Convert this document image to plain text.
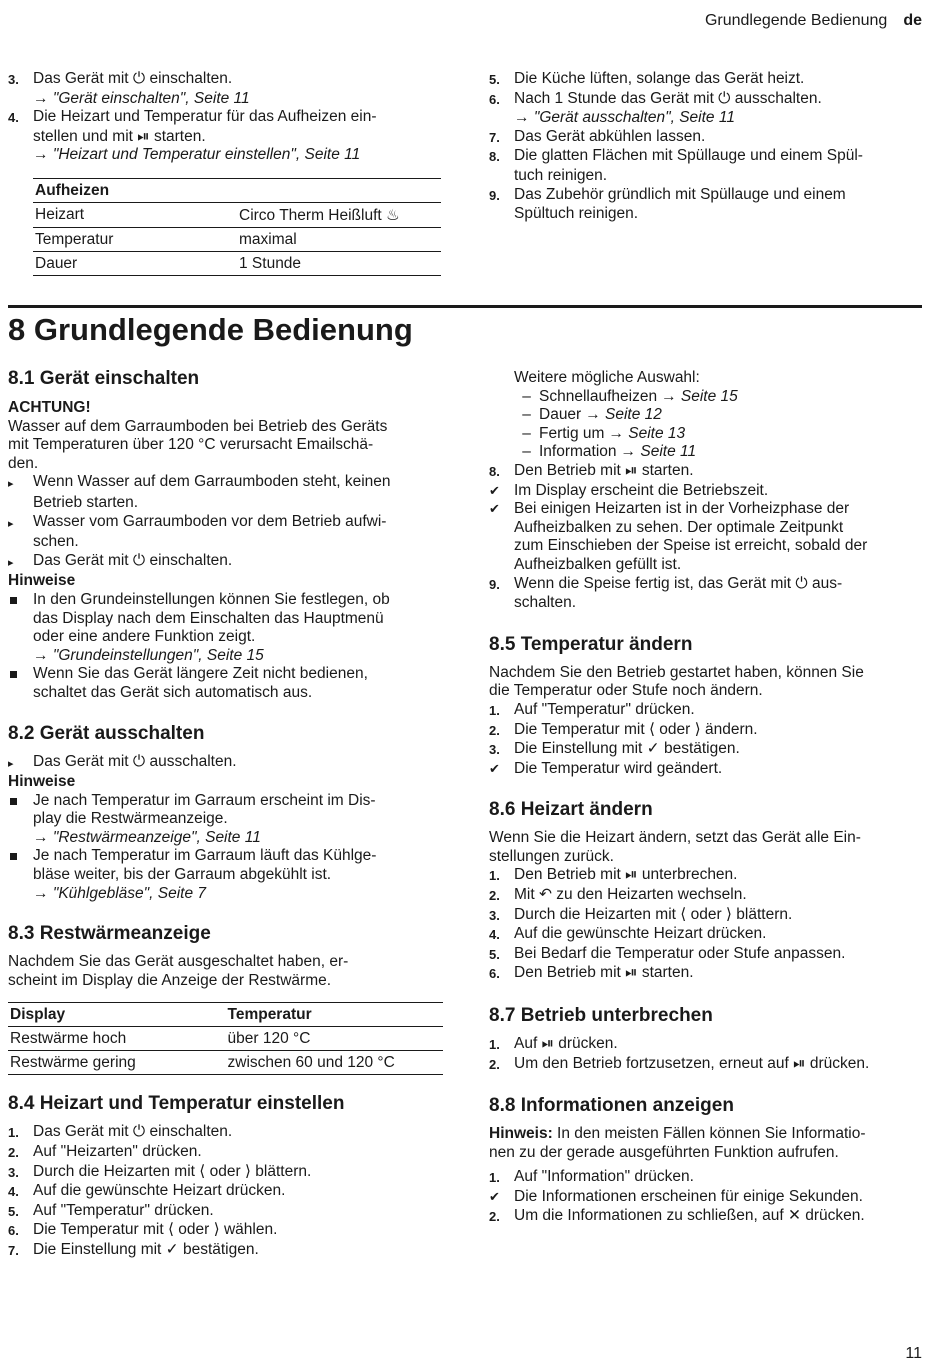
Grundlegende Bedienung de
3. Das Gerät mit ⏻ einschalten.
→ "Gerät einschalten", Seite 11
4. Die Heizart und Temperatur für das Aufheizen ein-
stellen und mit ⏯ starten.
→ "Heizart und Temperatur einstellen", Seite 11
Aufheizen	
Heizart	Circo Therm Heißluft ♨
Temperatur	maximal
Dauer	1 Stunde
5. Die Küche lüften, solange das Gerät heizt.
6. Nach 1 Stunde das Gerät mit ⏻ ausschalten.
→ "Gerät ausschalten", Seite 11
7. Das Gerät abkühlen lassen.
8. Die glatten Flächen mit Spüllauge und einem Spül-
tuch reinigen.
9. Das Zubehör gründlich mit Spüllauge und einem
Spültuch reinigen.
8 Grundlegende Bedienung
8.1 Gerät einschalten
ACHTUNG!
Wasser auf dem Garraumboden bei Betrieb des Geräts
mit Temperaturen über 120 °C verursacht Emailschä-
den.
▸	Wenn Wasser auf dem Garraumboden steht, keinen
Betrieb starten.
▸	Wasser vom Garraumboden vor dem Betrieb aufwi-
schen.
▸	Das Gerät mit ⏻ einschalten.
Hinweise
In den Grundeinstellungen können Sie festlegen, ob
das Display nach dem Einschalten das Hauptmenü
oder eine andere Funktion zeigt.
→ "Grundeinstellungen", Seite 15
Wenn Sie das Gerät längere Zeit nicht bedienen,
schaltet das Gerät sich automatisch aus.
8.2 Gerät ausschalten
▸	Das Gerät mit ⏻ ausschalten.
Hinweise
Je nach Temperatur im Garraum erscheint im Dis-
play die Restwärmeanzeige.
→ "Restwärmeanzeige", Seite 11
Je nach Temperatur im Garraum läuft das Kühlge-
bläse weiter, bis der Garraum abgekühlt ist.
→ "Kühlgebläse", Seite 7
8.3 Restwärmeanzeige
Nachdem Sie das Gerät ausgeschaltet haben, er-
scheint im Display die Anzeige der Restwärme.
Display	Temperatur
Restwärme hoch	über 120 °C
Restwärme gering	zwischen 60 und 120 °C
8.4 Heizart und Temperatur einstellen
1. Das Gerät mit ⏻ einschalten.
2. Auf "Heizarten" drücken.
3. Durch die Heizarten mit ⟨ oder ⟩ blättern.
4. Auf die gewünschte Heizart drücken.
5. Auf "Temperatur" drücken.
6. Die Temperatur mit ⟨ oder ⟩ wählen.
7. Die Einstellung mit ✓ bestätigen.
Weitere mögliche Auswahl:
– Schnellaufheizen → Seite 15
– Dauer → Seite 12
– Fertig um → Seite 13
– Information → Seite 11
8. Den Betrieb mit ⏯ starten.
✔ Im Display erscheint die Betriebszeit.
✔ Bei einigen Heizarten ist in der Vorheizphase der
Aufheizbalken zu sehen. Der optimale Zeitpunkt
zum Einschieben der Speise ist erreicht, sobald der
Aufheizbalken gefüllt ist.
9. Wenn die Speise fertig ist, das Gerät mit ⏻ aus-
schalten.
8.5 Temperatur ändern
Nachdem Sie den Betrieb gestartet haben, können Sie
die Temperatur oder Stufe noch ändern.
1. Auf "Temperatur" drücken.
2. Die Temperatur mit ⟨ oder ⟩ ändern.
3. Die Einstellung mit ✓ bestätigen.
✔ Die Temperatur wird geändert.
8.6 Heizart ändern
Wenn Sie die Heizart ändern, setzt das Gerät alle Ein-
stellungen zurück.
1. Den Betrieb mit ⏯ unterbrechen.
2. Mit ↶ zu den Heizarten wechseln.
3. Durch die Heizarten mit ⟨ oder ⟩ blättern.
4. Auf die gewünschte Heizart drücken.
5. Bei Bedarf die Temperatur oder Stufe anpassen.
6. Den Betrieb mit ⏯ starten.
8.7 Betrieb unterbrechen
1. Auf ⏯ drücken.
2. Um den Betrieb fortzusetzen, erneut auf ⏯ drücken.
8.8 Informationen anzeigen
Hinweis: In den meisten Fällen können Sie Informatio-
nen zu der gerade ausgeführten Funktion aufrufen.
1. Auf "Information" drücken.
✔ Die Informationen erscheinen für einige Sekunden.
2. Um die Informationen zu schließen, auf ✕ drücken.
11
